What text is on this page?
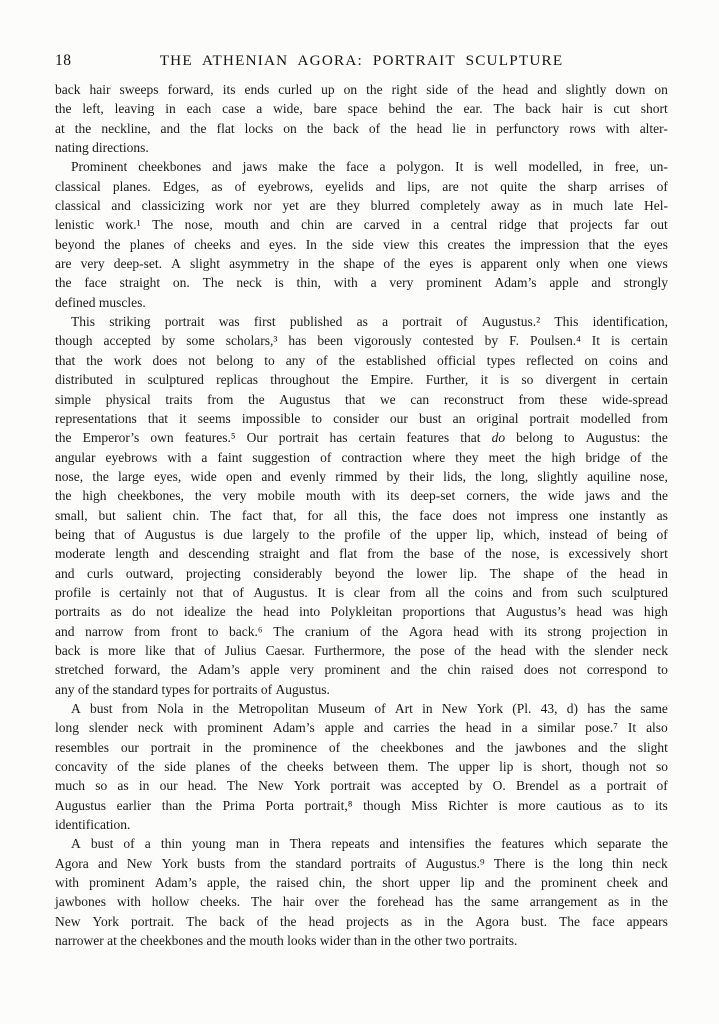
18	THE ATHENIAN AGORA: PORTRAIT SCULPTURE
back hair sweeps forward, its ends curled up on the right side of the head and slightly down on
the left, leaving in each case a wide, bare space behind the ear. The back hair is cut short
at the neckline, and the flat locks on the back of the head lie in perfunctory rows with alter-
nating directions.
Prominent cheekbones and jaws make the face a polygon. It is well modelled, in free, un-
classical planes. Edges, as of eyebrows, eyelids and lips, are not quite the sharp arrises of
classical and classicizing work nor yet are they blurred completely away as in much late Hel-
lenistic work.¹ The nose, mouth and chin are carved in a central ridge that projects far out
beyond the planes of cheeks and eyes. In the side view this creates the impression that the eyes
are very deep-set. A slight asymmetry in the shape of the eyes is apparent only when one views
the face straight on. The neck is thin, with a very prominent Adam’s apple and strongly
defined muscles.
This striking portrait was first published as a portrait of Augustus.² This identification,
though accepted by some scholars,³ has been vigorously contested by F. Poulsen.⁴ It is certain
that the work does not belong to any of the established official types reflected on coins and
distributed in sculptured replicas throughout the Empire. Further, it is so divergent in certain
simple physical traits from the Augustus that we can reconstruct from these wide-spread
representations that it seems impossible to consider our bust an original portrait modelled from
the Emperor’s own features.⁵ Our portrait has certain features that do belong to Augustus: the
angular eyebrows with a faint suggestion of contraction where they meet the high bridge of the
nose, the large eyes, wide open and evenly rimmed by their lids, the long, slightly aquiline nose,
the high cheekbones, the very mobile mouth with its deep-set corners, the wide jaws and the
small, but salient chin. The fact that, for all this, the face does not impress one instantly as
being that of Augustus is due largely to the profile of the upper lip, which, instead of being of
moderate length and descending straight and flat from the base of the nose, is excessively short
and curls outward, projecting considerably beyond the lower lip. The shape of the head in
profile is certainly not that of Augustus. It is clear from all the coins and from such sculptured
portraits as do not idealize the head into Polykleitan proportions that Augustus’s head was high
and narrow from front to back.⁶ The cranium of the Agora head with its strong projection in
back is more like that of Julius Caesar. Furthermore, the pose of the head with the slender neck
stretched forward, the Adam’s apple very prominent and the chin raised does not correspond to
any of the standard types for portraits of Augustus.
A bust from Nola in the Metropolitan Museum of Art in New York (Pl. 43, d) has the same
long slender neck with prominent Adam’s apple and carries the head in a similar pose.⁷ It also
resembles our portrait in the prominence of the cheekbones and the jawbones and the slight
concavity of the side planes of the cheeks between them. The upper lip is short, though not so
much so as in our head. The New York portrait was accepted by O. Brendel as a portrait of
Augustus earlier than the Prima Porta portrait,⁸ though Miss Richter is more cautious as to its
identification.
A bust of a thin young man in Thera repeats and intensifies the features which separate the
Agora and New York busts from the standard portraits of Augustus.⁹ There is the long thin neck
with prominent Adam’s apple, the raised chin, the short upper lip and the prominent cheek and
jawbones with hollow cheeks. The hair over the forehead has the same arrangement as in the
New York portrait. The back of the head projects as in the Agora bust. The face appears
narrower at the cheekbones and the mouth looks wider than in the other two portraits.
